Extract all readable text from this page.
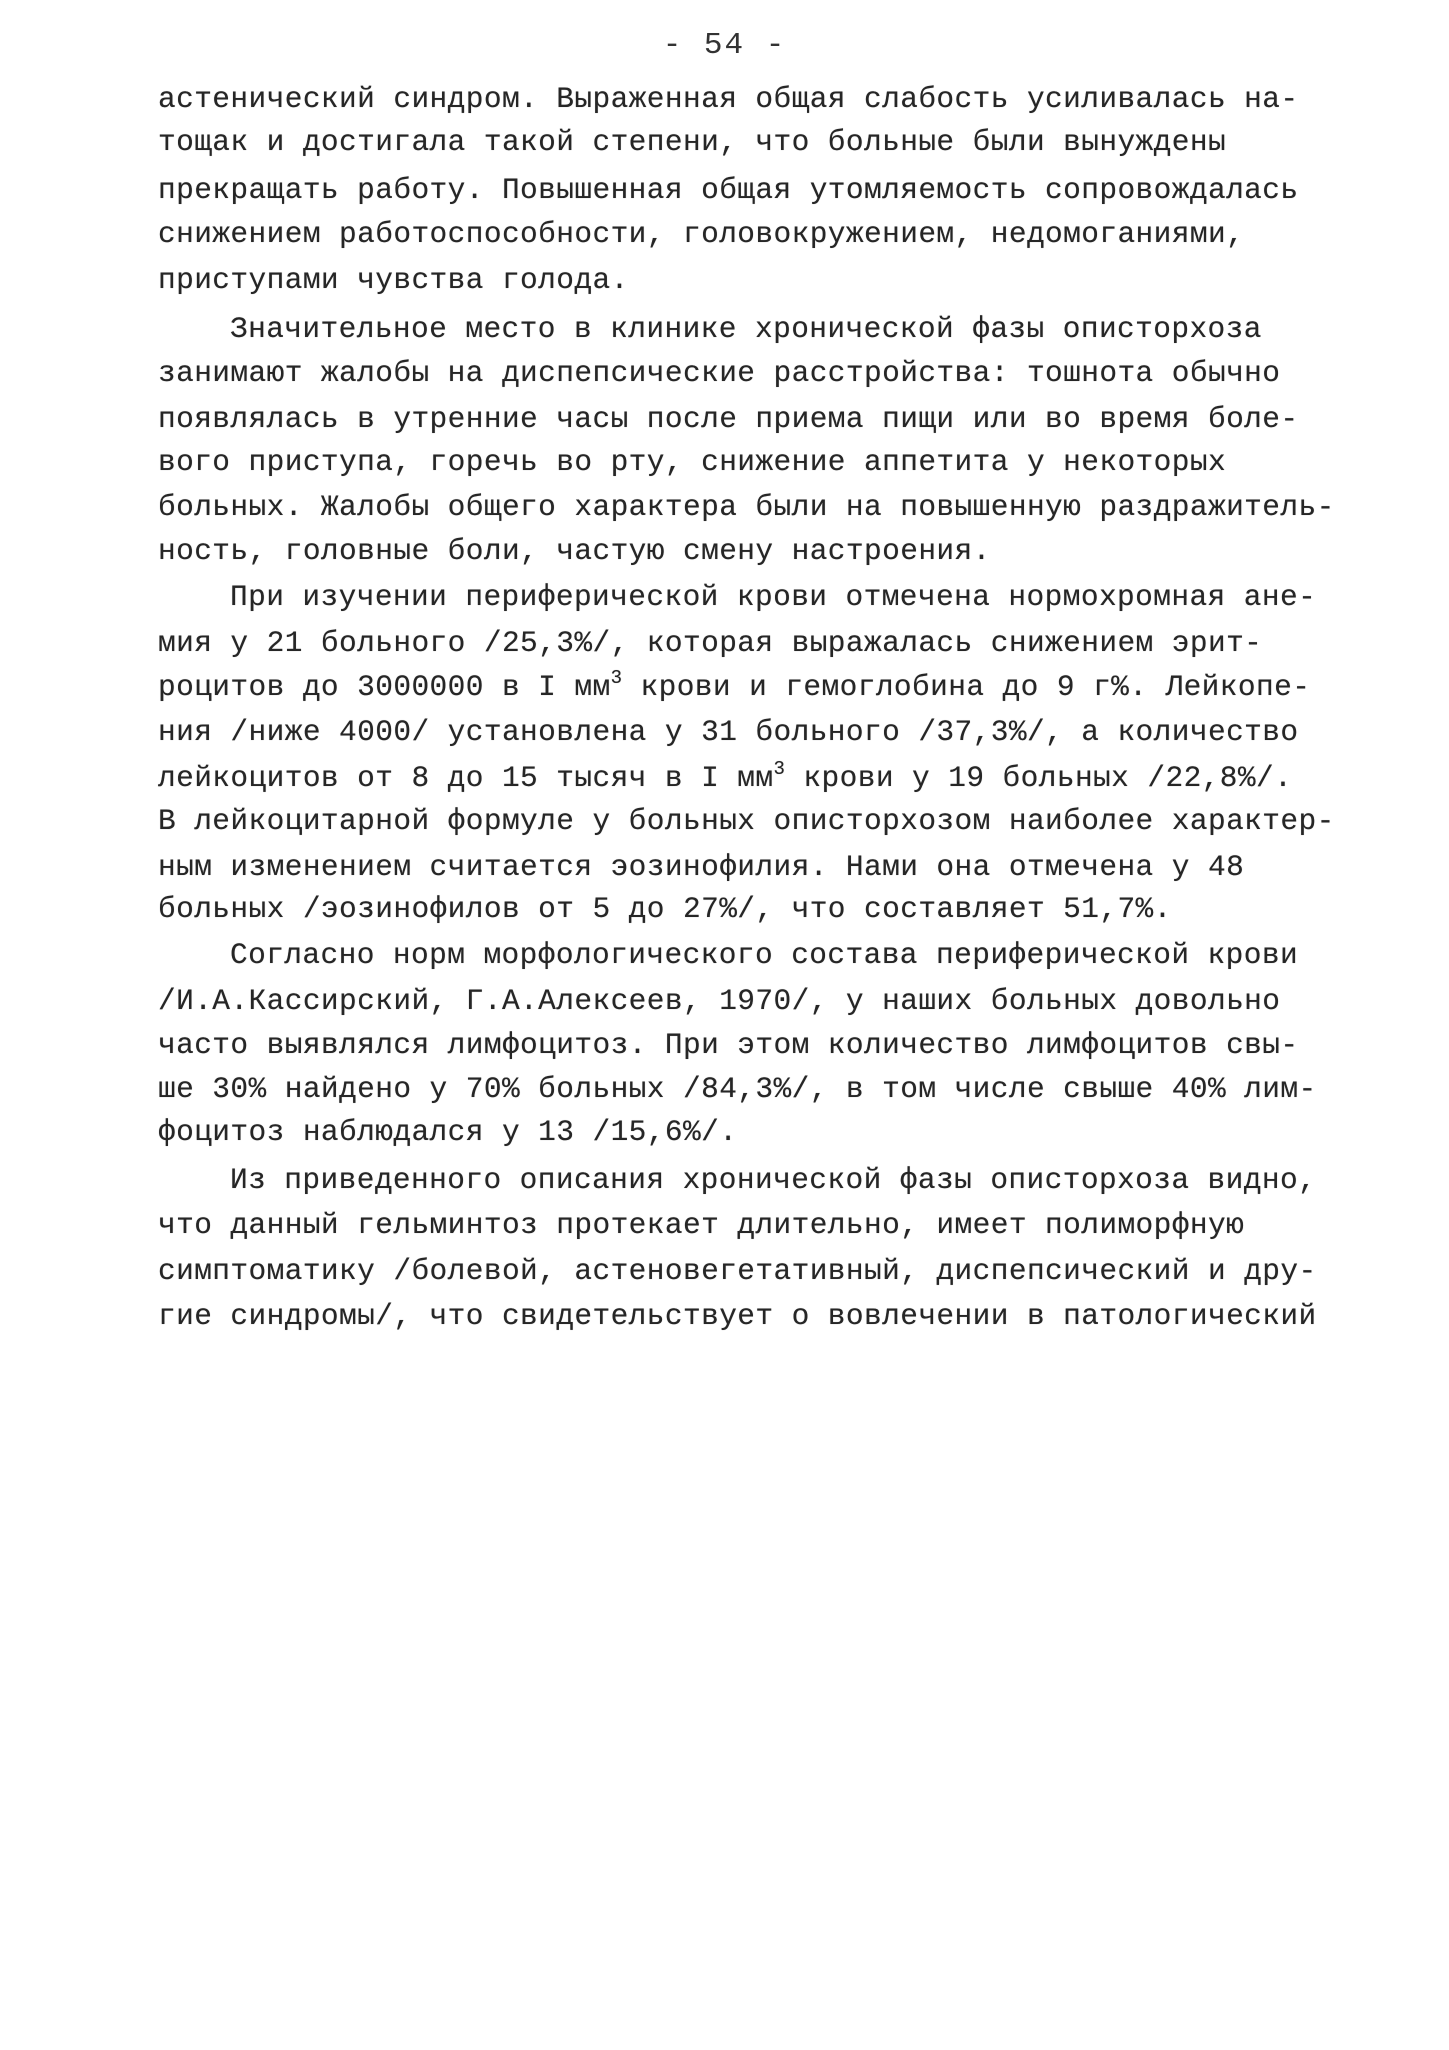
- 54 -
астенический синдром. Выраженная общая слабость усиливалась на-
тощак и достигала такой степени, что больные были вынуждены
прекращать работу. Повышенная общая утомляемость сопровождалась
снижением работоспособности, головокружением, недомоганиями,
приступами чувства голода.
Значительное место в клинике хронической фазы описторхоза
занимают жалобы на диспепсические расстройства: тошнота обычно
появлялась в утренние часы после приема пищи или во время боле-
вого приступа, горечь во рту, снижение аппетита у некоторых
больных. Жалобы общего характера были на повышенную раздражитель-
ность, головные боли, частую смену настроения.
При изучении периферической крови отмечена нормохромная ане-
мия у 21 больного /25,3%/, которая выражалась снижением эрит-
роцитов до 3000000 в I $мм^3$ крови и гемоглобина до 9 г%. Лейкопе-
ния /ниже 4000/ установлена у 31 больного /37,3%/, а количество
лейкоцитов от 8 до 15 тысяч в I $мм^3$ крови у 19 больных /22,8%/.
В лейкоцитарной формуле у больных описторхозом наиболее характер-
ным изменением считается эозинофилия. Нами она отмечена у 48
больных /эозинофилов от 5 до 27%/, что составляет 51,7%.
Согласно норм морфологического состава периферической крови
/И.А.Кассирский, Г.А.Алексеев, 1970/, у наших больных довольно
часто выявлялся лимфоцитоз. При этом количество лимфоцитов свы-
ше 30% найдено у 70% больных /84,3%/, в том числе свыше 40% лим-
фоцитоз наблюдался у 13 /15,6%/.
Из приведенного описания хронической фазы описторхоза видно,
что данный гельминтоз протекает длительно, имеет полиморфную
симптоматику /болевой, астеновегетативный, диспепсический и дру-
гие синдромы/, что свидетельствует о вовлечении в патологический
